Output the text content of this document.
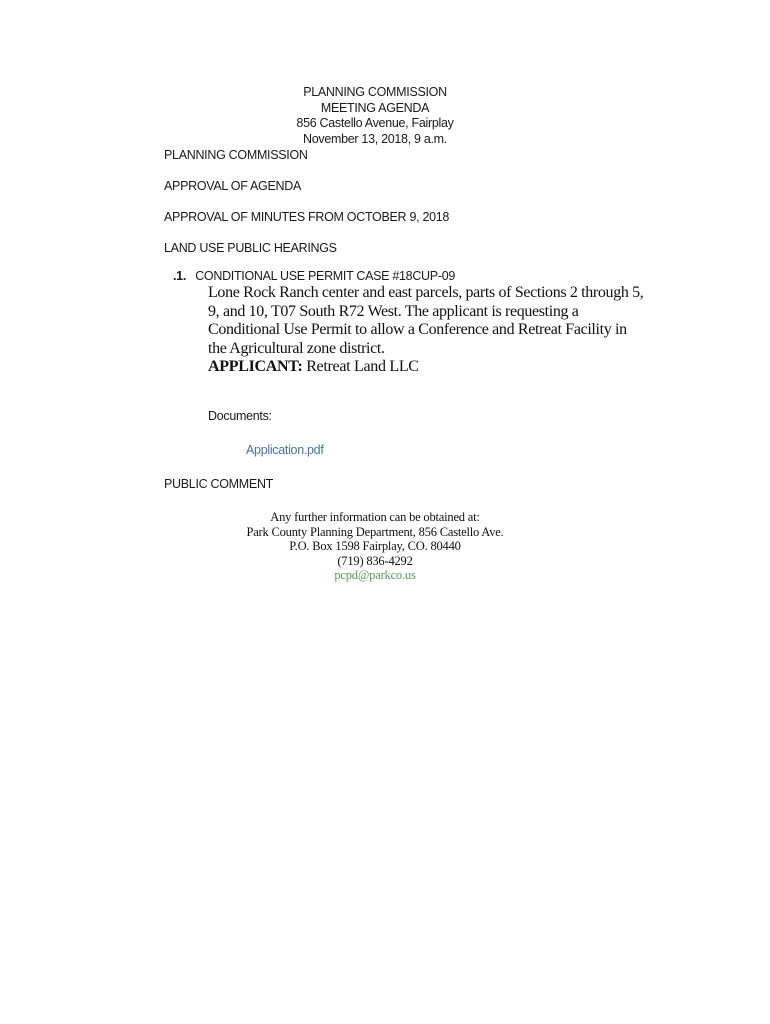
PLANNING COMMISSION
MEETING AGENDA
856 Castello Avenue, Fairplay
November 13, 2018, 9 a.m.
PLANNING COMMISSION
APPROVAL OF AGENDA
APPROVAL OF MINUTES FROM OCTOBER 9, 2018
LAND USE PUBLIC HEARINGS
.1. CONDITIONAL USE PERMIT CASE #18CUP-09
Lone Rock Ranch center and east parcels, parts of Sections 2 through 5, 9, and 10, T07 South R72 West. The applicant is requesting a Conditional Use Permit to allow a Conference and Retreat Facility in the Agricultural zone district.
APPLICANT: Retreat Land LLC
Documents:
Application.pdf
PUBLIC COMMENT
Any further information can be obtained at:
Park County Planning Department, 856 Castello Ave.
P.O. Box 1598 Fairplay, CO. 80440
(719) 836-4292
pcpd@parkco.us
